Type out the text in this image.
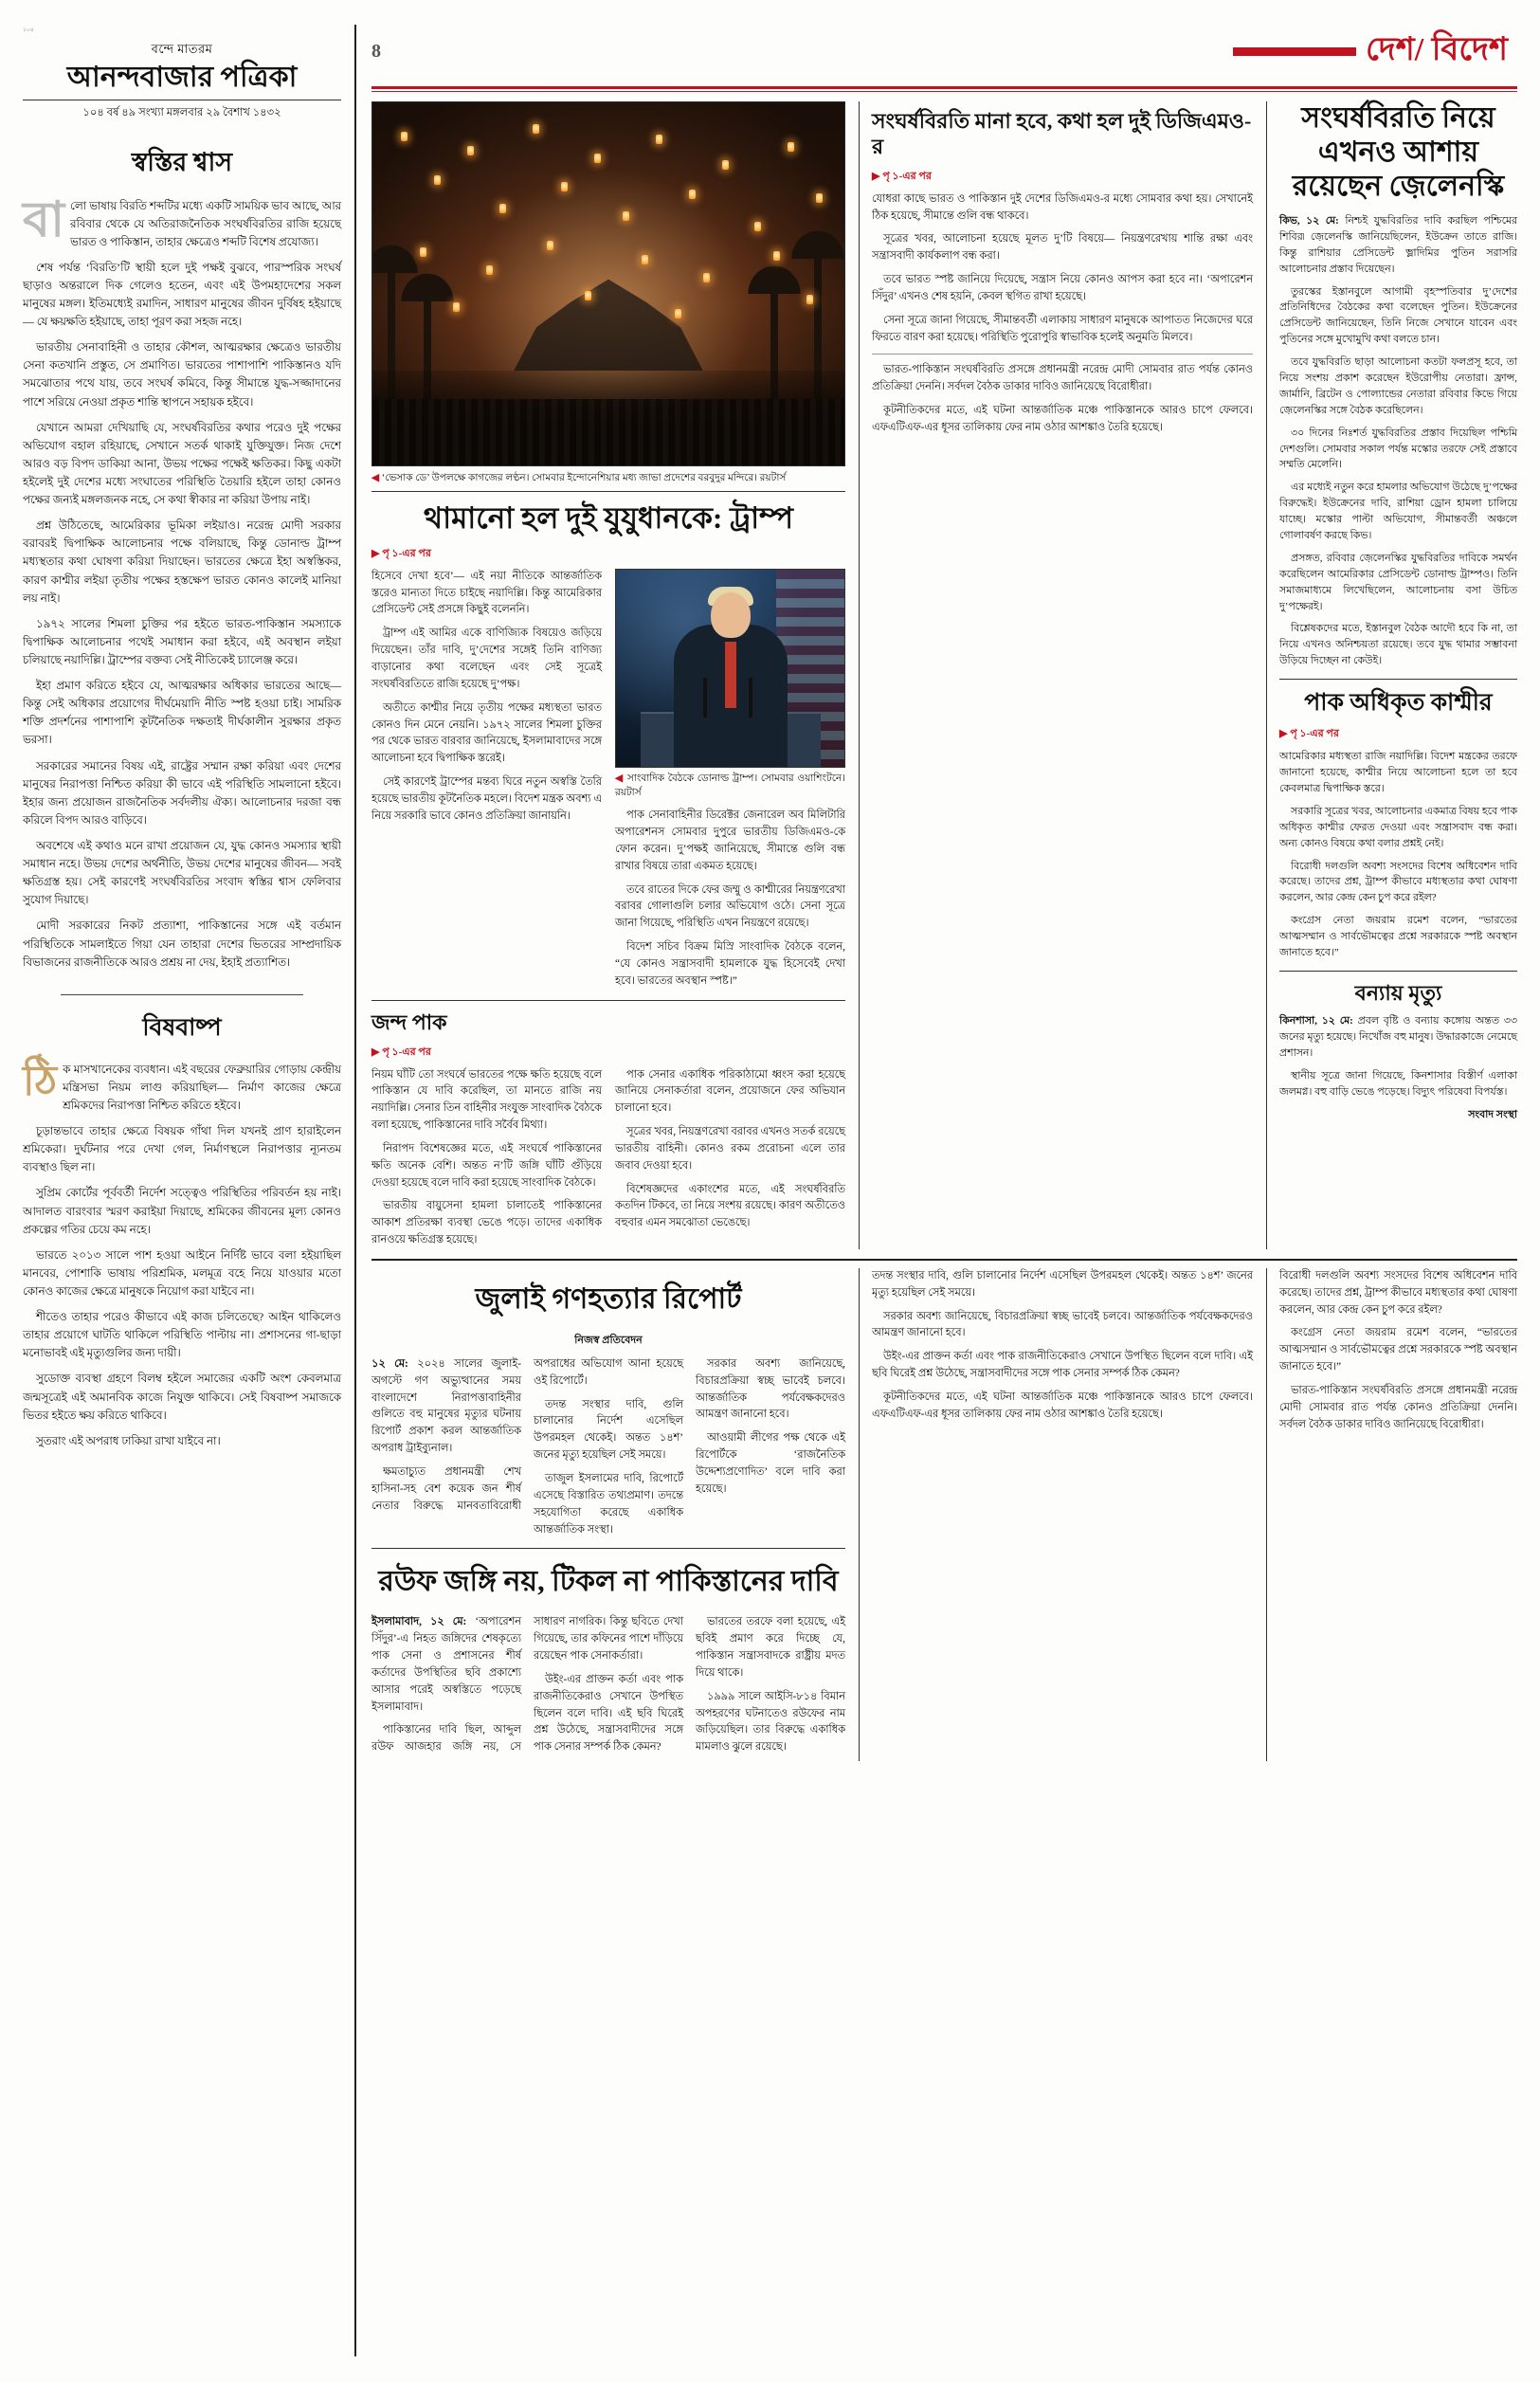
১০৪
বন্দে মাতরম
আনন্দবাজার পত্রিকা
১০৪ বর্ষ ৪৯ সংখ্যা মঙ্গলবার ২৯ বৈশাখ ১৪৩২
স্বস্তির শ্বাস

বালো ভাষায় বিরতি শব্দটির মধ্যে একটি সাময়িক ভাব আছে, আর রবিবার থেকে যে অতিরাজনৈতিক সংঘর্ষবিরতির রাজি হয়েছে ভারত ও পাকিস্তান, তাহার ক্ষেত্রেও শব্দটি বিশেষ প্রযোজ্য।

শেষ পর্যন্ত ‘বিরতি’টি স্থায়ী হলে দুই পক্ষই বুঝবে, পারস্পরিক সংঘর্ষ ছাড়াও অন্তরালে দিক গেলেও হতেন, এবং এই উপমহাদেশের সকল মানুষের মঙ্গল। ইতিমধ্যেই রমাদিন, সাধারণ মানুষের জীবন দুর্বিষহ হইয়াছে— যে ক্ষয়ক্ষতি হইয়াছে, তাহা পূরণ করা সহজ নহে।

ভারতীয় সেনাবাহিনী ও তাহার কৌশল, আত্মরক্ষার ক্ষেত্রেও ভারতীয় সেনা কতখানি প্রস্তুত, সে প্রমাণিত। ভারতের পাশাপাশি পাকিস্তানও যদি সমঝোতার পথে যায়, তবে সংঘর্ষ কমিবে, কিন্তু সীমান্তে যুদ্ধ-সজ্জাদানের পাশে সরিয়ে নেওয়া প্রকৃত শান্তি স্থাপনে সহায়ক হইবে।

যেখানে আমরা দেখিয়াছি যে, সংঘর্ষবিরতির কথার পরেও দুই পক্ষের অভিযোগ বহাল রহিয়াছে, সেখানে সতর্ক থাকাই যুক্তিযুক্ত। নিজ দেশে আরও বড় বিপদ ডাকিয়া আনা, উভয় পক্ষের পক্ষেই ক্ষতিকর। কিছু একটা হইলেই দুই দেশের মধ্যে সংঘাতের পরিস্থিতি তৈয়ারি হইলে তাহা কোনও পক্ষের জন্যই মঙ্গলজনক নহে, সে কথা স্বীকার না করিয়া উপায় নাই।

প্রশ্ন উঠিতেছে, আমেরিকার ভূমিকা লইয়াও। নরেন্দ্র মোদী সরকার বরাবরই দ্বিপাক্ষিক আলোচনার পক্ষে বলিয়াছে, কিন্তু ডোনাল্ড ট্রাম্প মধ্যস্থতার কথা ঘোষণা করিয়া দিয়াছেন। ভারতের ক্ষেত্রে ইহা অস্বস্তিকর, কারণ কাশ্মীর লইয়া তৃতীয় পক্ষের হস্তক্ষেপ ভারত কোনও কালেই মানিয়া লয় নাই।

১৯৭২ সালের শিমলা চুক্তির পর হইতে ভারত-পাকিস্তান সমস্যাকে দ্বিপাক্ষিক আলোচনার পথেই সমাধান করা হইবে, এই অবস্থান লইয়া চলিয়াছে নয়াদিল্লি। ট্রাম্পের বক্তব্য সেই নীতিকেই চ্যালেঞ্জ করে।

ইহা প্রমাণ করিতে হইবে যে, আত্মরক্ষার অধিকার ভারতের আছে— কিন্তু সেই অধিকার প্রয়োগের দীর্ঘমেয়াদি নীতি স্পষ্ট হওয়া চাই। সামরিক শক্তি প্রদর্শনের পাশাপাশি কূটনৈতিক দক্ষতাই দীর্ঘকালীন সুরক্ষার প্রকৃত ভরসা।

সরকারের সমানের বিষয় এই, রাষ্ট্রের সম্মান রক্ষা করিয়া এবং দেশের মানুষের নিরাপত্তা নিশ্চিত করিয়া কী ভাবে এই পরিস্থিতি সামলানো হইবে। ইহার জন্য প্রয়োজন রাজনৈতিক সর্বদলীয় ঐক্য। আলোচনার দরজা বন্ধ করিলে বিপদ আরও বাড়িবে।

অবশেষে এই কথাও মনে রাখা প্রয়োজন যে, যুদ্ধ কোনও সমস্যার স্থায়ী সমাধান নহে। উভয় দেশের অর্থনীতি, উভয় দেশের মানুষের জীবন— সবই ক্ষতিগ্রস্ত হয়। সেই কারণেই সংঘর্ষবিরতির সংবাদ স্বস্তির শ্বাস ফেলিবার সুযোগ দিয়াছে।

মোদী সরকারের নিকট প্রত্যাশা, পাকিস্তানের সঙ্গে এই বর্তমান পরিস্থিতিকে সামলাইতে গিয়া যেন তাহারা দেশের ভিতরের সাম্প্রদায়িক বিভাজনের রাজনীতিকে আরও প্রশ্রয় না দেয়, ইহাই প্রত্যাশিত।

বিষবাষ্প

ঠিক মাসখানেকের ব্যবধান। এই বছরের ফেব্রুয়ারির গোড়ায় কেন্দ্রীয় মন্ত্রিসভা নিয়ম লাগু করিয়াছিল— নির্মাণ কাজের ক্ষেত্রে শ্রমিকদের নিরাপত্তা নিশ্চিত করিতে হইবে।

চূড়ান্তভাবে তাহার ক্ষেত্রে বিষয়ক গাঁথা দিল যখনই প্রাণ হারাইলেন শ্রমিকেরা। দুর্ঘটনার পরে দেখা গেল, নির্মাণস্থলে নিরাপত্তার ন্যূনতম ব্যবস্থাও ছিল না।

সুপ্রিম কোর্টের পূর্ববর্তী নির্দেশ সত্ত্বেও পরিস্থিতির পরিবর্তন হয় নাই। আদালত বারংবার স্মরণ করাইয়া দিয়াছে, শ্রমিকের জীবনের মূল্য কোনও প্রকল্পের গতির চেয়ে কম নহে।

ভারতে ২০১৩ সালে পাশ হওয়া আইনে নির্দিষ্ট ভাবে বলা হইয়াছিল মানবের, পোশাকি ভাষায় পরিশ্রমিক, মলমূত্র বহে নিয়ে যাওয়ার মতো কোনও কাজের ক্ষেত্রে মানুষকে নিয়োগ করা যাইবে না।

শীতেও তাহার পরেও কীভাবে এই কাজ চলিতেছে? আইন থাকিলেও তাহার প্রয়োগে ঘাটতি থাকিলে পরিস্থিতি পাল্টায় না। প্রশাসনের গা-ছাড়া মনোভাবই এই মৃত্যুগুলির জন্য দায়ী।

সুডোক্ত ব্যবস্থা গ্রহণে বিলম্ব হইলে সমাজের একটি অংশ কেবলমাত্র জন্মসূত্রেই এই অমানবিক কাজে নিযুক্ত থাকিবে। সেই বিষবাষ্প সমাজকে ভিতর হইতে ক্ষয় করিতে থাকিবে।

সুতরাং এই অপরাধ ঢাকিয়া রাখা যাইবে না।

8	দেশ/ বিদেশ
◀ ‘ভেসাক ডে’ উপলক্ষে কাগজের লণ্ঠন। সোমবার ইন্দোনেশিয়ার মধ্য জাভা প্রদেশের বরবুদুর মন্দিরে। রয়টার্স
থামানো হল দুই যুযুধানকে: ট্রাম্প
▶ পৃ ১-এর পর

হিসেবে দেখা হবে’— এই নয়া নীতিকে আন্তর্জাতিক স্তরেও মান্যতা দিতে চাইছে নয়াদিল্লি। কিন্তু আমেরিকার প্রেসিডেন্ট সেই প্রসঙ্গে কিছুই বলেননি।

ট্রাম্প এই আমির একে বাণিজ্যিক বিষয়েও জড়িয়ে দিয়েছেন। তাঁর দাবি, দু’দেশের সঙ্গেই তিনি বাণিজ্য বাড়ানোর কথা বলেছেন এবং সেই সূত্রেই সংঘর্ষবিরতিতে রাজি হয়েছে দু’পক্ষ।

অতীতে কাশ্মীর নিয়ে তৃতীয় পক্ষের মধ্যস্থতা ভারত কোনও দিন মেনে নেয়নি। ১৯৭২ সালের শিমলা চুক্তির পর থেকে ভারত বারবার জানিয়েছে, ইসলামাবাদের সঙ্গে আলোচনা হবে দ্বিপাক্ষিক স্তরেই।

সেই কারণেই ট্রাম্পের মন্তব্য ঘিরে নতুন অস্বস্তি তৈরি হয়েছে ভারতীয় কূটনৈতিক মহলে। বিদেশ মন্ত্রক অবশ্য এ নিয়ে সরকারি ভাবে কোনও প্রতিক্রিয়া জানায়নি।

◀ সাংবাদিক বৈঠকে ডোনাল্ড ট্রাম্প। সোমবার ওয়াশিংটনে। রয়টার্স

পাক সেনাবাহিনীর ডিরেক্টর জেনারেল অব মিলিটারি অপারেশনস সোমবার দুপুরে ভারতীয় ডিজিএমও-কে ফোন করেন। দু’পক্ষই জানিয়েছে, সীমান্তে গুলি বন্ধ রাখার বিষয়ে তারা একমত হয়েছে।

তবে রাতের দিকে ফের জম্মু ও কাশ্মীরের নিয়ন্ত্রণরেখা বরাবর গোলাগুলি চলার অভিযোগ ওঠে। সেনা সূত্রে জানা গিয়েছে, পরিস্থিতি এখন নিয়ন্ত্রণে রয়েছে।

বিদেশ সচিব বিক্রম মিস্রি সাংবাদিক বৈঠকে বলেন, “যে কোনও সন্ত্রাসবাদী হামলাকে যুদ্ধ হিসেবেই দেখা হবে। ভারতের অবস্থান স্পষ্ট।”

জন্দ পাক
▶ পৃ ১-এর পর

নিয়ম ঘাঁটি তো সংঘর্ষে ভারতের পক্ষে ক্ষতি হয়েছে বলে পাকিস্তান যে দাবি করেছিল, তা মানতে রাজি নয় নয়াদিল্লি। সেনার তিন বাহিনীর সংযুক্ত সাংবাদিক বৈঠকে বলা হয়েছে, পাকিস্তানের দাবি সর্বৈব মিথ্যা।

নিরাপদ বিশেষজ্ঞের মতে, এই সংঘর্ষে পাকিস্তানের ক্ষতি অনেক বেশি। অন্তত ন’টি জঙ্গি ঘাঁটি গুঁড়িয়ে দেওয়া হয়েছে বলে দাবি করা হয়েছে সাংবাদিক বৈঠকে।

ভারতীয় বায়ুসেনা হামলা চালাতেই পাকিস্তানের আকাশ প্রতিরক্ষা ব্যবস্থা ভেঙে পড়ে। তাদের একাধিক রানওয়ে ক্ষতিগ্রস্ত হয়েছে।

পাক সেনার একাধিক পরিকাঠামো ধ্বংস করা হয়েছে জানিয়ে সেনাকর্তারা বলেন, প্রয়োজনে ফের অভিযান চালানো হবে।

সূত্রের খবর, নিয়ন্ত্রণরেখা বরাবর এখনও সতর্ক রয়েছে ভারতীয় বাহিনী। কোনও রকম প্ররোচনা এলে তার জবাব দেওয়া হবে।

বিশেষজ্ঞদের একাংশের মতে, এই সংঘর্ষবিরতি কতদিন টিকবে, তা নিয়ে সংশয় রয়েছে। কারণ অতীতেও বহুবার এমন সমঝোতা ভেঙেছে।

সংঘর্ষবিরতি মানা হবে, কথা হল দুই ডিজিএমও-র
▶ পৃ ১-এর পর

যোধরা কাছে ভারত ও পাকিস্তান দুই দেশের ডিজিএমও-র মধ্যে সোমবার কথা হয়। সেখানেই ঠিক হয়েছে, সীমান্তে গুলি বন্ধ থাকবে।

সূত্রের খবর, আলোচনা হয়েছে মূলত দু’টি বিষয়ে— নিয়ন্ত্রণরেখায় শান্তি রক্ষা এবং সন্ত্রাসবাদী কার্যকলাপ বন্ধ করা।

তবে ভারত স্পষ্ট জানিয়ে দিয়েছে, সন্ত্রাস নিয়ে কোনও আপস করা হবে না। ‘অপারেশন সিঁদুর’ এখনও শেষ হয়নি, কেবল স্থগিত রাখা হয়েছে।

সেনা সূত্রে জানা গিয়েছে, সীমান্তবর্তী এলাকায় সাধারণ মানুষকে আপাতত নিজেদের ঘরে ফিরতে বারণ করা হয়েছে। পরিস্থিতি পুরোপুরি স্বাভাবিক হলেই অনুমতি মিলবে।

ভারত-পাকিস্তান সংঘর্ষবিরতি প্রসঙ্গে প্রধানমন্ত্রী নরেন্দ্র মোদী সোমবার রাত পর্যন্ত কোনও প্রতিক্রিয়া দেননি। সর্বদল বৈঠক ডাকার দাবিও জানিয়েছে বিরোধীরা।

কূটনীতিকদের মতে, এই ঘটনা আন্তর্জাতিক মঞ্চে পাকিস্তানকে আরও চাপে ফেলবে। এফএটিএফ-এর ধূসর তালিকায় ফের নাম ওঠার আশঙ্কাও তৈরি হয়েছে।

সংঘর্ষবিরতি নিয়ে এখনও আশায় রয়েছেন জ়েলেনস্কি

কিভ, ১২ মে: নিশ্চই যুদ্ধবিরতির দাবি করছিল পশ্চিমের শিবির৷ জ়েলেনস্কি জানিয়েছিলেন, ইউক্রেন তাতে রাজি। কিন্তু রাশিয়ার প্রেসিডেন্ট ভ্লাদিমির পুতিন সরাসরি আলোচনার প্রস্তাব দিয়েছেন।

তুরস্কের ইস্তানবুলে আগামী বৃহস্পতিবার দু’দেশের প্রতিনিধিদের বৈঠকের কথা বলেছেন পুতিন। ইউক্রেনের প্রেসিডেন্ট জানিয়েছেন, তিনি নিজে সেখানে যাবেন এবং পুতিনের সঙ্গে মুখোমুখি কথা বলতে চান।

তবে যুদ্ধবিরতি ছাড়া আলোচনা কতটা ফলপ্রসূ হবে, তা নিয়ে সংশয় প্রকাশ করেছেন ইউরোপীয় নেতারা। ফ্রান্স, জার্মানি, ব্রিটেন ও পোল্যান্ডের নেতারা রবিবার কিভে গিয়ে জ়েলেনস্কির সঙ্গে বৈঠক করেছিলেন।

৩০ দিনের নিঃশর্ত যুদ্ধবিরতির প্রস্তাব দিয়েছিল পশ্চিমি দেশগুলি। সোমবার সকাল পর্যন্ত মস্কোর তরফে সেই প্রস্তাবে সম্মতি মেলেনি।

এর মধ্যেই নতুন করে হামলার অভিযোগ উঠেছে দু’পক্ষের বিরুদ্ধেই। ইউক্রেনের দাবি, রাশিয়া ড্রোন হামলা চালিয়ে যাচ্ছে। মস্কোর পাল্টা অভিযোগ, সীমান্তবর্তী অঞ্চলে গোলাবর্ষণ করছে কিভ।

প্রসঙ্গত, রবিবার জ়েলেনস্কির যুদ্ধবিরতির দাবিকে সমর্থন করেছিলেন আমেরিকার প্রেসিডেন্ট ডোনাল্ড ট্রাম্পও। তিনি সমাজমাধ্যমে লিখেছিলেন, আলোচনায় বসা উচিত দু’পক্ষেরই।

বিশ্লেষকদের মতে, ইস্তানবুল বৈঠক আদৌ হবে কি না, তা নিয়ে এখনও অনিশ্চয়তা রয়েছে। তবে যুদ্ধ থামার সম্ভাবনা উড়িয়ে দিচ্ছেন না কেউই।

পাক অধিকৃত কাশ্মীর
▶ পৃ ১-এর পর

আমেরিকার মধ্যস্থতা রাজি নয়াদিল্লি। বিদেশ মন্ত্রকের তরফে জানানো হয়েছে, কাশ্মীর নিয়ে আলোচনা হলে তা হবে কেবলমাত্র দ্বিপাক্ষিক স্তরে।

সরকারি সূত্রের খবর, আলোচনার একমাত্র বিষয় হবে পাক অধিকৃত কাশ্মীর ফেরত দেওয়া এবং সন্ত্রাসবাদ বন্ধ করা। অন্য কোনও বিষয়ে কথা বলার প্রশ্নই নেই।

বিরোধী দলগুলি অবশ্য সংসদের বিশেষ অধিবেশন দাবি করেছে। তাদের প্রশ্ন, ট্রাম্প কীভাবে মধ্যস্থতার কথা ঘোষণা করলেন, আর কেন্দ্র কেন চুপ করে রইল?

কংগ্রেস নেতা জয়রাম রমেশ বলেন, “ভারতের আত্মসম্মান ও সার্বভৌমত্বের প্রশ্নে সরকারকে স্পষ্ট অবস্থান জানাতে হবে।”

বন্যায় মৃত্যু

কিনশাসা, ১২ মে: প্রবল বৃষ্টি ও বন্যায় কঙ্গোয় অন্তত ৩৩ জনের মৃত্যু হয়েছে। নিখোঁজ বহু মানুষ। উদ্ধারকাজে নেমেছে প্রশাসন।

স্থানীয় সূত্রে জানা গিয়েছে, কিনশাসার বিস্তীর্ণ এলাকা জলমগ্ন। বহু বাড়ি ভেঙে পড়েছে। বিদ্যুৎ পরিষেবা বিপর্যস্ত।

সংবাদ সংস্থা

জুলাই গণহত্যার রিপোর্ট
নিজস্ব প্রতিবেদন

১২ মে: ২০২৪ সালের জুলাই-অগস্টে গণ অভ্যুত্থানের সময় বাংলাদেশে নিরাপত্তাবাহিনীর গুলিতে বহু মানুষের মৃত্যুর ঘটনায় রিপোর্ট প্রকাশ করল আন্তর্জাতিক অপরাধ ট্রাইব্যুনাল।

ক্ষমতাচ্যুত প্রধানমন্ত্রী শেখ হাসিনা-সহ বেশ কয়েক জন শীর্ষ নেতার বিরুদ্ধে মানবতাবিরোধী অপরাধের অভিযোগ আনা হয়েছে ওই রিপোর্টে।

তদন্ত সংস্থার দাবি, গুলি চালানোর নির্দেশ এসেছিল উপরমহল থেকেই। অন্তত ১৪শ’ জনের মৃত্যু হয়েছিল সেই সময়ে।

তাজুল ইসলামের দাবি, রিপোর্টে এসেছে বিস্তারিত তথ্যপ্রমাণ। তদন্তে সহযোগিতা করেছে একাধিক আন্তর্জাতিক সংস্থা।

সরকার অবশ্য জানিয়েছে, বিচারপ্রক্রিয়া স্বচ্ছ ভাবেই চলবে। আন্তর্জাতিক পর্যবেক্ষকদেরও আমন্ত্রণ জানানো হবে।

আওয়ামী লীগের পক্ষ থেকে এই রিপোর্টকে ‘রাজনৈতিক উদ্দেশ্যপ্রণোদিত’ বলে দাবি করা হয়েছে।

রউফ জঙ্গি নয়, টিকল না পাকিস্তানের দাবি

ইসলামাবাদ, ১২ মে: ‘অপারেশন সিঁদুর’-এ নিহত জঙ্গিদের শেষকৃত্যে পাক সেনা ও প্রশাসনের শীর্ষ কর্তাদের উপস্থিতির ছবি প্রকাশ্যে আসার পরেই অস্বস্তিতে পড়েছে ইসলামাবাদ।

পাকিস্তানের দাবি ছিল, আব্দুল রউফ আজহার জঙ্গি নয়, সে সাধারণ নাগরিক। কিন্তু ছবিতে দেখা গিয়েছে, তার কফিনের পাশে দাঁড়িয়ে রয়েছেন পাক সেনাকর্তারা।

উইং-এর প্রাক্তন কর্তা এবং পাক রাজনীতিকেরাও সেখানে উপস্থিত ছিলেন বলে দাবি। এই ছবি ঘিরেই প্রশ্ন উঠেছে, সন্ত্রাসবাদীদের সঙ্গে পাক সেনার সম্পর্ক ঠিক কেমন?

ভারতের তরফে বলা হয়েছে, এই ছবিই প্রমাণ করে দিচ্ছে যে, পাকিস্তান সন্ত্রাসবাদকে রাষ্ট্রীয় মদত দিয়ে থাকে।

১৯৯৯ সালে আইসি-৮১৪ বিমান অপহরণের ঘটনাতেও রউফের নাম জড়িয়েছিল। তার বিরুদ্ধে একাধিক মামলাও ঝুলে রয়েছে।

তদন্ত সংস্থার দাবি, গুলি চালানোর নির্দেশ এসেছিল উপরমহল থেকেই। অন্তত ১৪শ’ জনের মৃত্যু হয়েছিল সেই সময়ে।

সরকার অবশ্য জানিয়েছে, বিচারপ্রক্রিয়া স্বচ্ছ ভাবেই চলবে। আন্তর্জাতিক পর্যবেক্ষকদেরও আমন্ত্রণ জানানো হবে।

উইং-এর প্রাক্তন কর্তা এবং পাক রাজনীতিকেরাও সেখানে উপস্থিত ছিলেন বলে দাবি। এই ছবি ঘিরেই প্রশ্ন উঠেছে, সন্ত্রাসবাদীদের সঙ্গে পাক সেনার সম্পর্ক ঠিক কেমন?

কূটনীতিকদের মতে, এই ঘটনা আন্তর্জাতিক মঞ্চে পাকিস্তানকে আরও চাপে ফেলবে। এফএটিএফ-এর ধূসর তালিকায় ফের নাম ওঠার আশঙ্কাও তৈরি হয়েছে।

বিরোধী দলগুলি অবশ্য সংসদের বিশেষ অধিবেশন দাবি করেছে। তাদের প্রশ্ন, ট্রাম্প কীভাবে মধ্যস্থতার কথা ঘোষণা করলেন, আর কেন্দ্র কেন চুপ করে রইল?

কংগ্রেস নেতা জয়রাম রমেশ বলেন, “ভারতের আত্মসম্মান ও সার্বভৌমত্বের প্রশ্নে সরকারকে স্পষ্ট অবস্থান জানাতে হবে।”

ভারত-পাকিস্তান সংঘর্ষবিরতি প্রসঙ্গে প্রধানমন্ত্রী নরেন্দ্র মোদী সোমবার রাত পর্যন্ত কোনও প্রতিক্রিয়া দেননি। সর্বদল বৈঠক ডাকার দাবিও জানিয়েছে বিরোধীরা।
